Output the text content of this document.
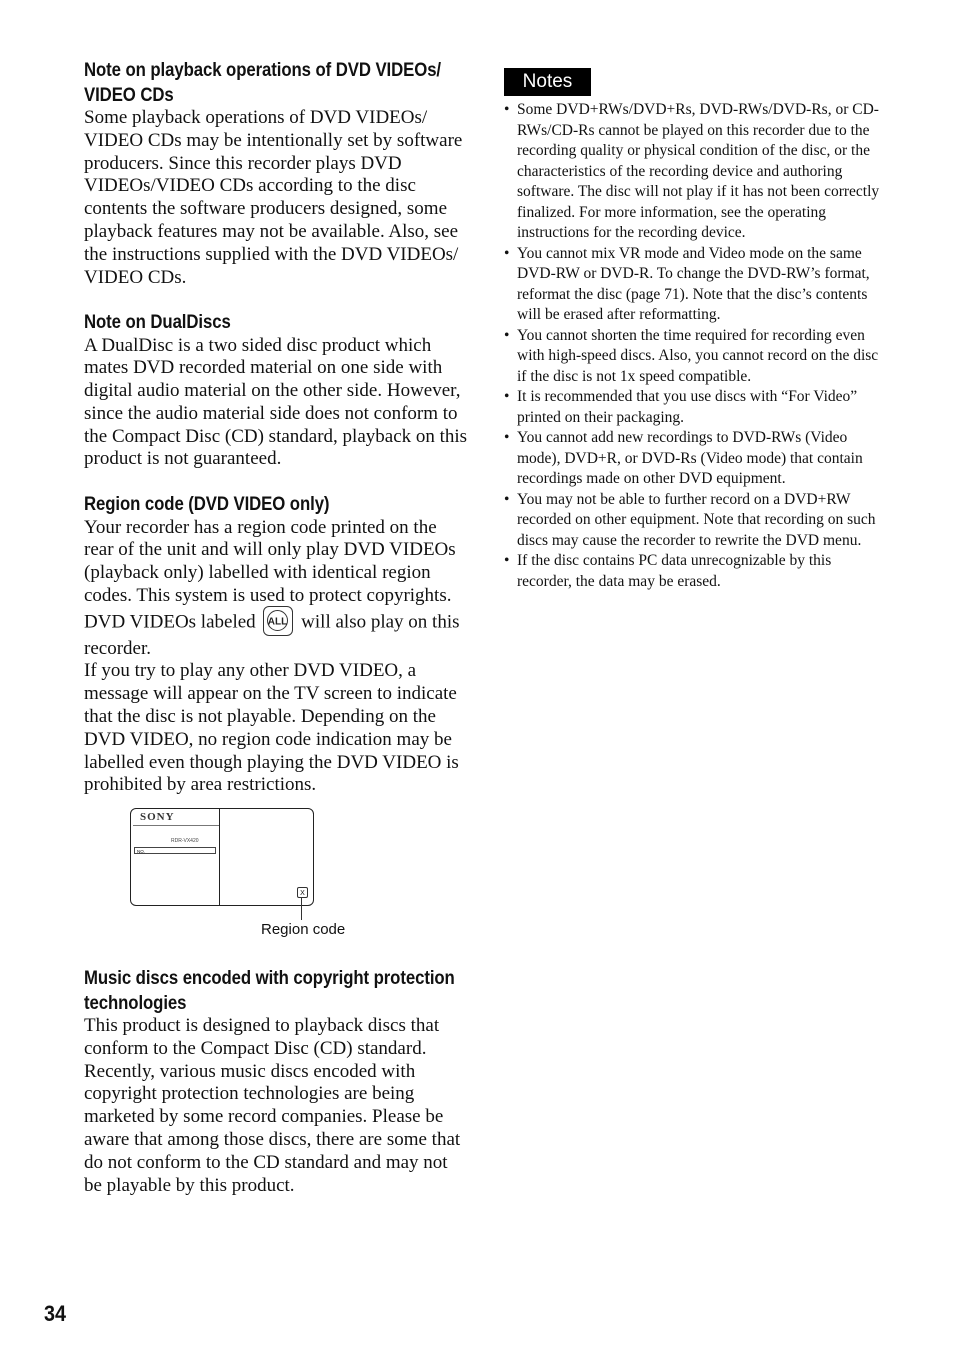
Note on playback operations of DVD VIDEOs/ VIDEO CDs

Some playback operations of DVD VIDEOs/ VIDEO CDs may be intentionally set by software producers. Since this recorder plays DVD VIDEOs/VIDEO CDs according to the disc contents the software producers designed, some playback features may not be available. Also, see the instructions supplied with the DVD VIDEOs/ VIDEO CDs.

Note on DualDiscs

A DualDisc is a two sided disc product which mates DVD recorded material on one side with digital audio material on the other side. However, since the audio material side does not conform to the Compact Disc (CD) standard, playback on this product is not guaranteed.

Region code (DVD VIDEO only)

Your recorder has a region code printed on the rear of the unit and will only play DVD VIDEOs (playback only) labelled with identical region codes. This system is used to protect copyrights. DVD VIDEOs labeled ALL will also play on this recorder.

If you try to play any other DVD VIDEO, a message will appear on the TV screen to indicate that the disc is not playable. Depending on the DVD VIDEO, no region code indication may be labelled even though playing the DVD VIDEO is prohibited by area restrictions.

SONY
RDR-VX420
NO.
X
Region code
Music discs encoded with copyright protection technologies

This product is designed to playback discs that conform to the Compact Disc (CD) standard. Recently, various music discs encoded with copyright protection technologies are being marketed by some record companies. Please be aware that among those discs, there are some that do not conform to the CD standard and may not be playable by this product.

Notes
• Some DVD+RWs/DVD+Rs, DVD-RWs/DVD-Rs, or CD-RWs/CD-Rs cannot be played on this recorder due to the recording quality or physical condition of the disc, or the characteristics of the recording device and authoring software. The disc will not play if it has not been correctly finalized. For more information, see the operating instructions for the recording device.
• You cannot mix VR mode and Video mode on the same DVD-RW or DVD-R. To change the DVD-RW’s format, reformat the disc (page 71). Note that the disc’s contents will be erased after reformatting.
• You cannot shorten the time required for recording even with high-speed discs. Also, you cannot record on the disc if the disc is not 1x speed compatible.
• It is recommended that you use discs with “For Video” printed on their packaging.
• You cannot add new recordings to DVD-RWs (Video mode), DVD+R, or DVD-Rs (Video mode) that contain recordings made on other DVD equipment.
• You may not be able to further record on a DVD+RW recorded on other equipment. Note that recording on such discs may cause the recorder to rewrite the DVD menu.
• If the disc contains PC data unrecognizable by this recorder, the data may be erased.
34
